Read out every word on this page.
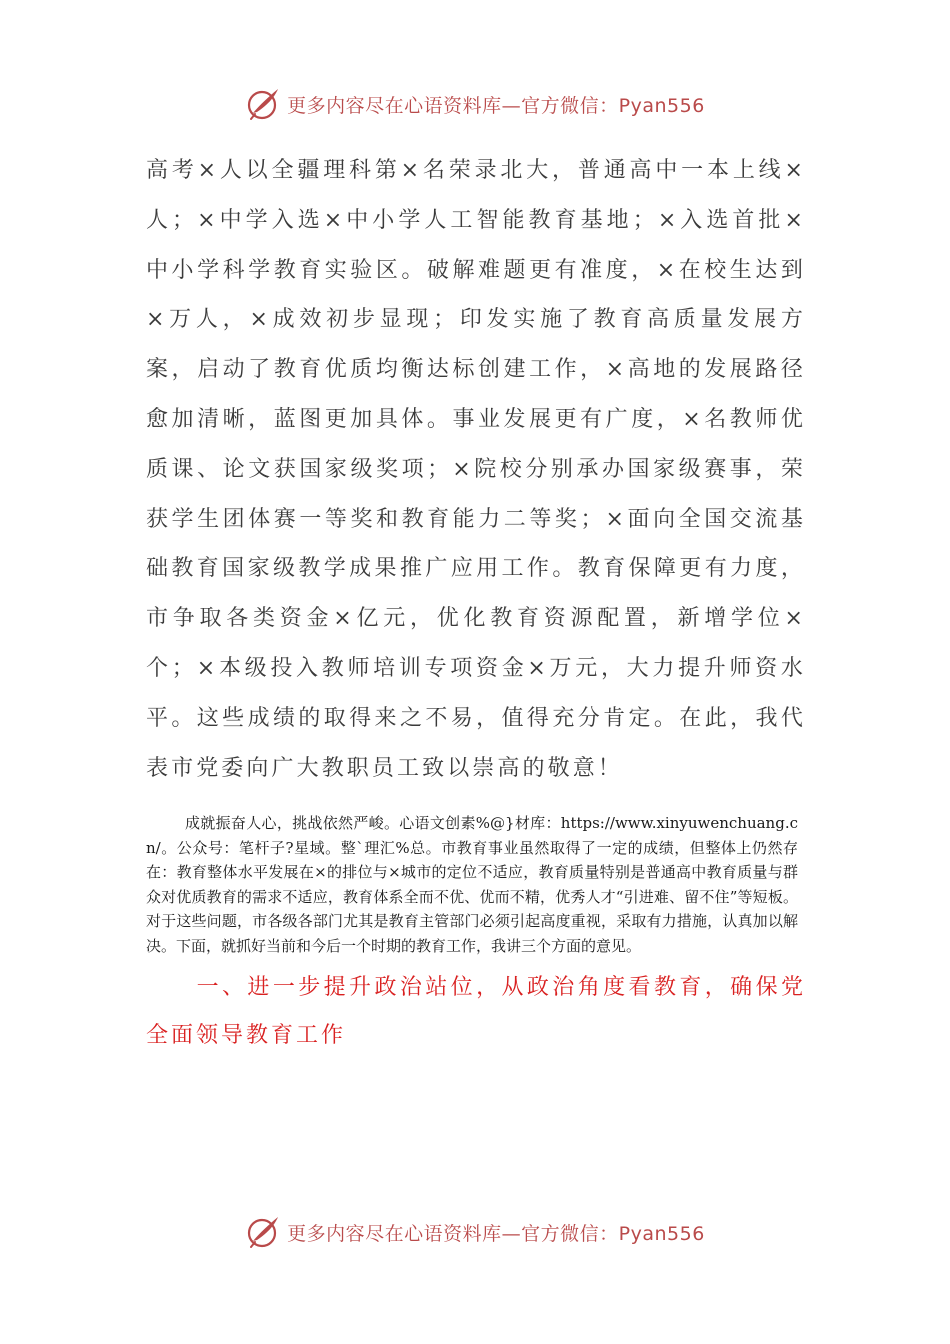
更多内容尽在心语资料库—官方微信：Pyan556

高考×人以全疆理科第×名荣录北大，普通高中一本上线×人；×中学入选×中小学人工智能教育基地；×入选首批×中小学科学教育实验区。破解难题更有准度，×在校生达到×万人，×成效初步显现；印发实施了教育高质量发展方案，启动了教育优质均衡达标创建工作，×高地的发展路径愈加清晰，蓝图更加具体。事业发展更有广度，×名教师优质课、论文获国家级奖项；×院校分别承办国家级赛事，荣获学生团体赛一等奖和教育能力二等奖；×面向全国交流基础教育国家级教学成果推广应用工作。教育保障更有力度，市争取各类资金×亿元，优化教育资源配置，新增学位×个；×本级投入教师培训专项资金×万元，大力提升师资水平。这些成绩的取得来之不易，值得充分肯定。在此，我代表市党委向广大教职员工致以崇高的敬意！

成就振奋人心，挑战依然严峻。心语文创素%@}材库：https://www.xinyuwenchuang.cn/。公众号：笔杆子?星域。整`理汇%总。市教育事业虽然取得了一定的成绩，但整体上仍然存在：教育整体水平发展在×的排位与×城市的定位不适应，教育质量特别是普通高中教育质量与群众对优质教育的需求不适应，教育体系全而不优、优而不精，优秀人才“引进难、留不住”等短板。对于这些问题，市各级各部门尤其是教育主管部门必须引起高度重视，采取有力措施，认真加以解决。下面，就抓好当前和今后一个时期的教育工作，我讲三个方面的意见。

一、进一步提升政治站位，从政治角度看教育，确保党全面领导教育工作

更多内容尽在心语资料库—官方微信：Pyan556
